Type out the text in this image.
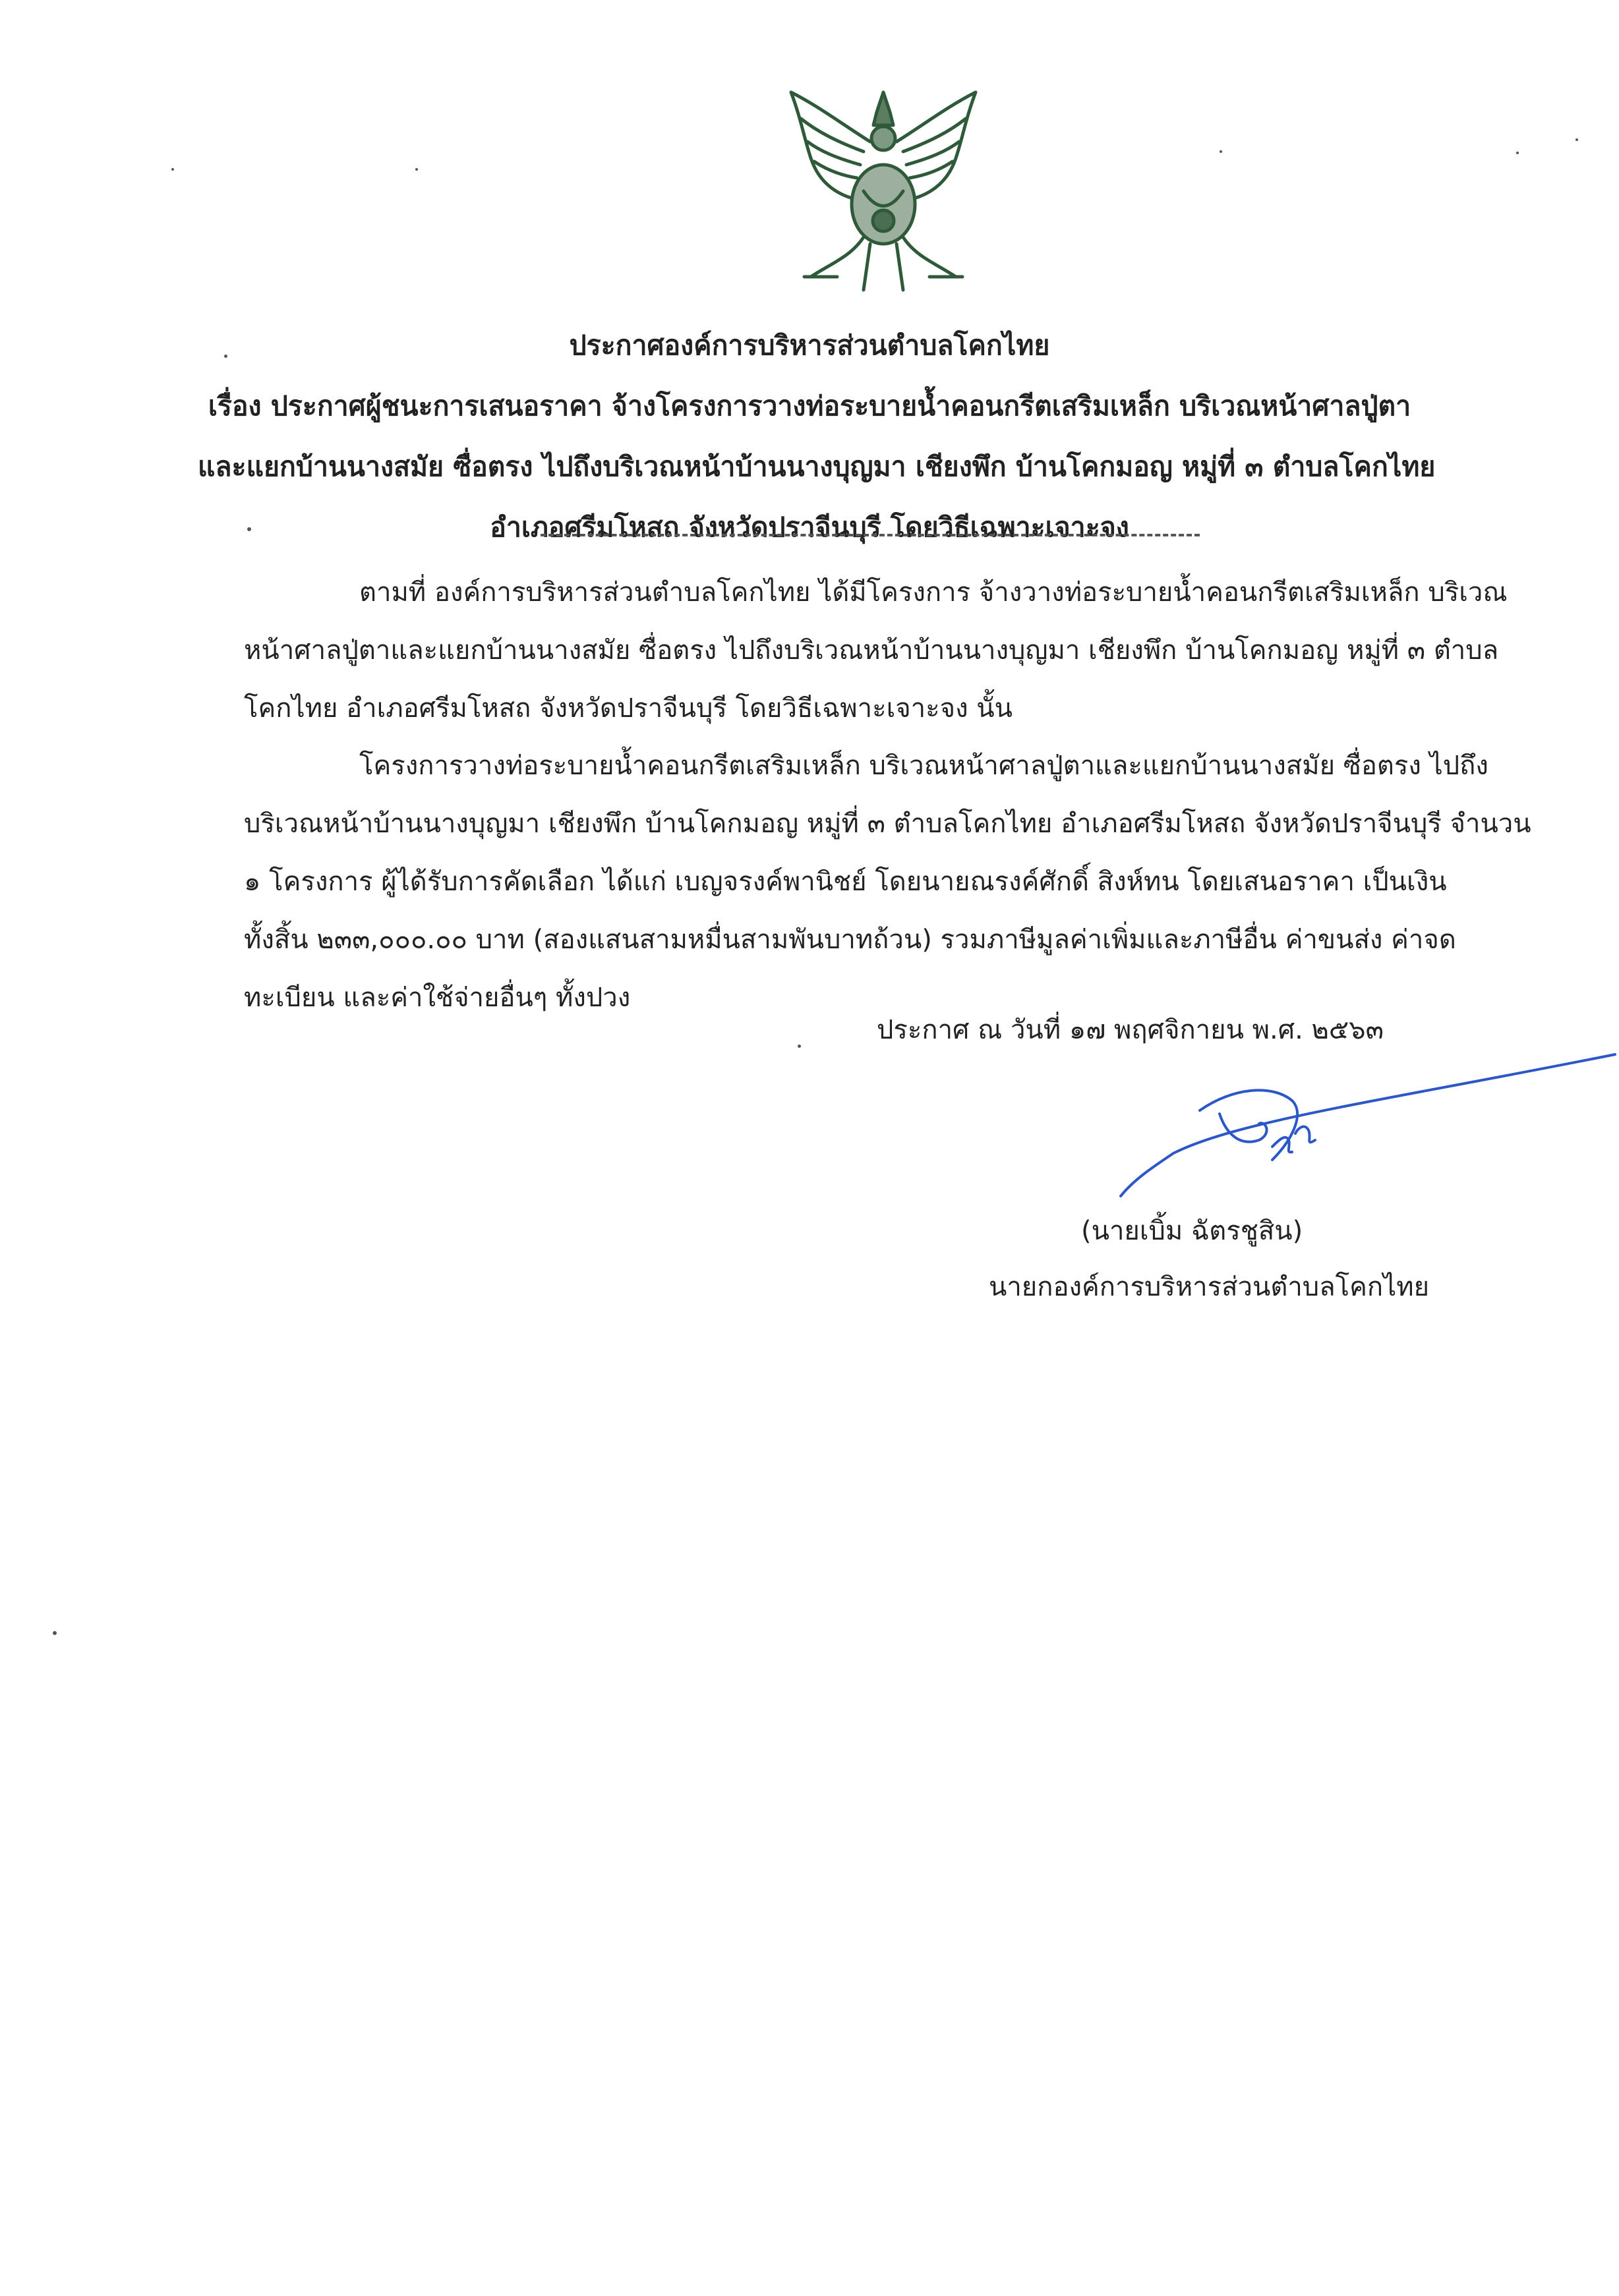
ประกาศองค์การบริหารส่วนตำบลโคกไทย
เรื่อง ประกาศผู้ชนะการเสนอราคา จ้างโครงการวางท่อระบายน้ำคอนกรีตเสริมเหล็ก บริเวณหน้าศาลปู่ตา
และแยกบ้านนางสมัย ซื่อตรง ไปถึงบริเวณหน้าบ้านนางบุญมา เชียงพึก บ้านโคกมอญ หมู่ที่ ๓ ตำบลโคกไทย
อำเภอศรีมโหสถ จังหวัดปราจีนบุรี โดยวิธีเฉพาะเจาะจง
ตามที่ องค์การบริหารส่วนตำบลโคกไทย ได้มีโครงการ จ้างวางท่อระบายน้ำคอนกรีตเสริมเหล็ก บริเวณ
หน้าศาลปู่ตาและแยกบ้านนางสมัย ซื่อตรง ไปถึงบริเวณหน้าบ้านนางบุญมา เชียงพึก บ้านโคกมอญ หมู่ที่ ๓ ตำบล
โคกไทย อำเภอศรีมโหสถ จังหวัดปราจีนบุรี โดยวิธีเฉพาะเจาะจง นั้น
โครงการวางท่อระบายน้ำคอนกรีตเสริมเหล็ก บริเวณหน้าศาลปู่ตาและแยกบ้านนางสมัย ซื่อตรง ไปถึง
บริเวณหน้าบ้านนางบุญมา เชียงพึก บ้านโคกมอญ หมู่ที่ ๓ ตำบลโคกไทย อำเภอศรีมโหสถ จังหวัดปราจีนบุรี จำนวน
๑ โครงการ ผู้ได้รับการคัดเลือก ได้แก่ เบญจรงค์พานิชย์ โดยนายณรงค์ศักดิ์ สิงห์ทน โดยเสนอราคา เป็นเงิน
ทั้งสิ้น ๒๓๓,๐๐๐.๐๐ บาท (สองแสนสามหมื่นสามพันบาทถ้วน) รวมภาษีมูลค่าเพิ่มและภาษีอื่น ค่าขนส่ง ค่าจด
ทะเบียน และค่าใช้จ่ายอื่นๆ ทั้งปวง
ประกาศ ณ วันที่ ๑๗ พฤศจิกายน พ.ศ. ๒๕๖๓
(นายเบิ้ม ฉัตรชูสิน)
นายกองค์การบริหารส่วนตำบลโคกไทย
